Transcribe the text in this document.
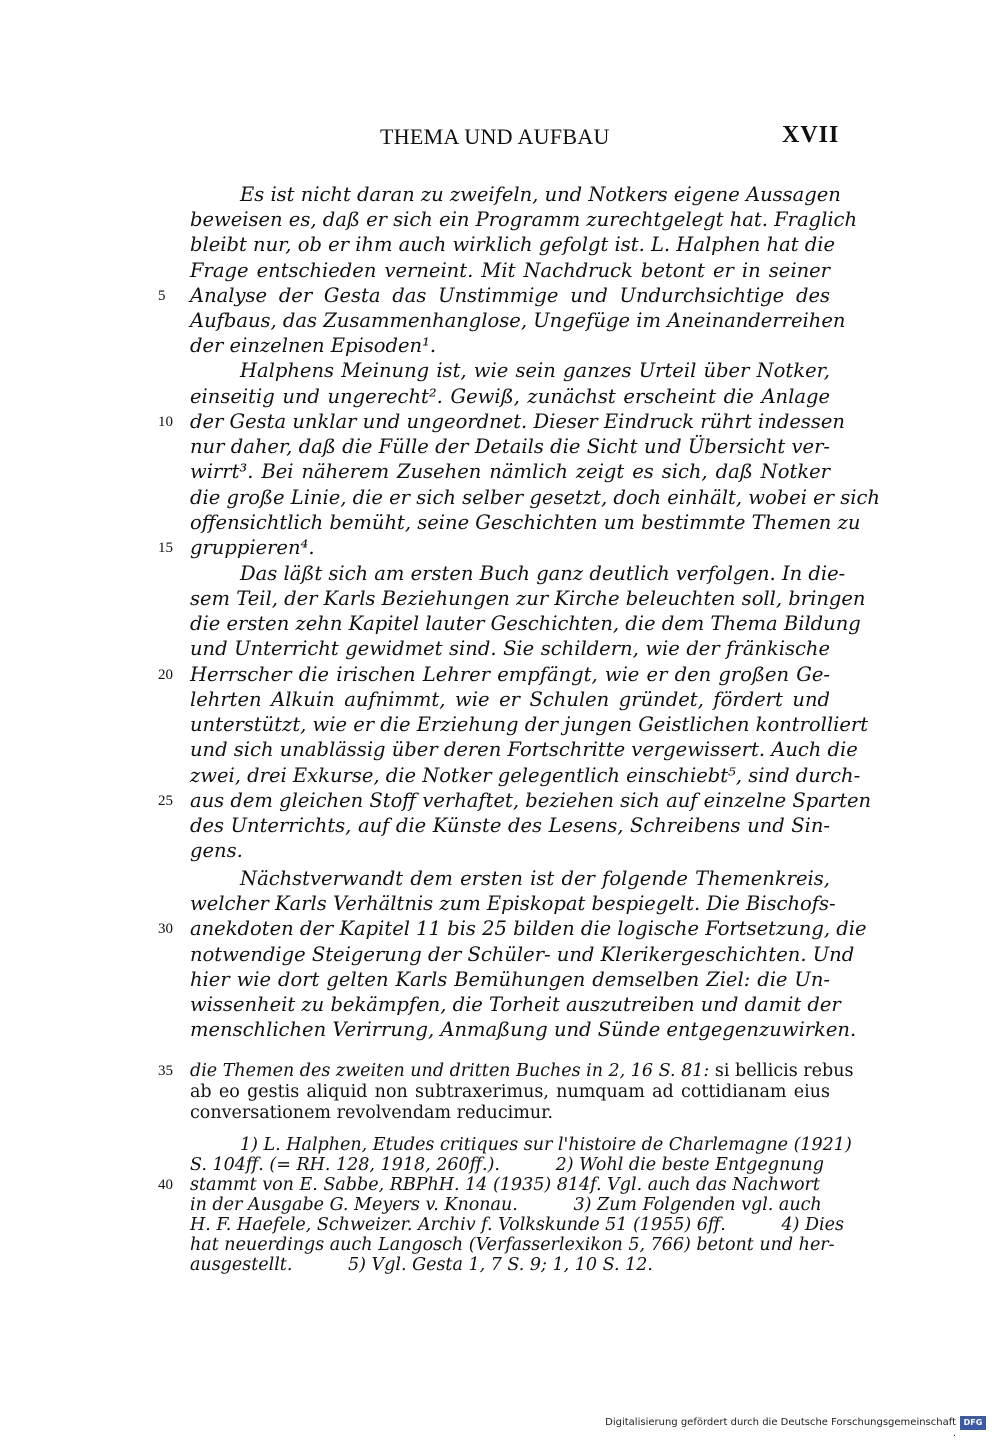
THEMA UND AUFBAU	XVII
Es ist nicht daran zu zweifeln, und Notkers eigene Aussagen
beweisen es, daß er sich ein Programm zurechtgelegt hat. Fraglich
bleibt nur, ob er ihm auch wirklich gefolgt ist. L. Halphen hat die
Frage entschieden verneint. Mit Nachdruck betont er in seiner
5	Analyse der Gesta das Unstimmige und Undurchsichtige des
Aufbaus, das Zusammenhanglose, Ungefüge im Aneinanderreihen
der einzelnen Episoden¹.
Halphens Meinung ist, wie sein ganzes Urteil über Notker,
einseitig und ungerecht². Gewiß, zunächst erscheint die Anlage
10 der Gesta unklar und ungeordnet. Dieser Eindruck rührt indessen
nur daher, daß die Fülle der Details die Sicht und Übersicht ver-
wirrt³. Bei näherem Zusehen nämlich zeigt es sich, daß Notker
die große Linie, die er sich selber gesetzt, doch einhält, wobei er sich
offensichtlich bemüht, seine Geschichten um bestimmte Themen zu
15 gruppieren⁴.
Das läßt sich am ersten Buch ganz deutlich verfolgen. In die-
sem Teil, der Karls Beziehungen zur Kirche beleuchten soll, bringen
die ersten zehn Kapitel lauter Geschichten, die dem Thema Bildung
und Unterricht gewidmet sind. Sie schildern, wie der fränkische
20 Herrscher die irischen Lehrer empfängt, wie er den großen Ge-
lehrten Alkuin aufnimmt, wie er Schulen gründet, fördert und
unterstützt, wie er die Erziehung der jungen Geistlichen kontrolliert
und sich unablässig über deren Fortschritte vergewissert. Auch die
zwei, drei Exkurse, die Notker gelegentlich einschiebt⁵, sind durch-
25 aus dem gleichen Stoff verhaftet, beziehen sich auf einzelne Sparten
des Unterrichts, auf die Künste des Lesens, Schreibens und Sin-
gens.
Nächstverwandt dem ersten ist der folgende Themenkreis,
welcher Karls Verhältnis zum Episkopat bespiegelt. Die Bischofs-
30 anekdoten der Kapitel 11 bis 25 bilden die logische Fortsetzung, die
notwendige Steigerung der Schüler- und Klerikergeschichten. Und
hier wie dort gelten Karls Bemühungen demselben Ziel: die Un-
wissenheit zu bekämpfen, die Torheit auszutreiben und damit der
menschlichen Verirrung, Anmaßung und Sünde entgegenzuwirken.
35 die Themen des zweiten und dritten Buches in 2, 16 S. 81: si bellicis rebus
ab eo gestis aliquid non subtraxerimus, numquam ad cottidianam eius
conversationem revolvendam reducimur.
1) L. Halphen, Etudes critiques sur l'histoire de Charlemagne (1921)
S. 104ff. (= RH. 128, 1918, 260ff.).          2) Wohl die beste Entgegnung
40 stammt von E. Sabbe, RBPhH. 14 (1935) 814f. Vgl. auch das Nachwort
in der Ausgabe G. Meyers v. Knonau.          3) Zum Folgenden vgl. auch
H. F. Haefele, Schweizer. Archiv f. Volkskunde 51 (1955) 6ff.          4) Dies
hat neuerdings auch Langosch (Verfasserlexikon 5, 766) betont und her-
ausgestellt.          5) Vgl. Gesta 1, 7 S. 9; 1, 10 S. 12.
Digitalisierung gefördert durch die Deutsche Forschungsgemeinschaft ·
DFG
